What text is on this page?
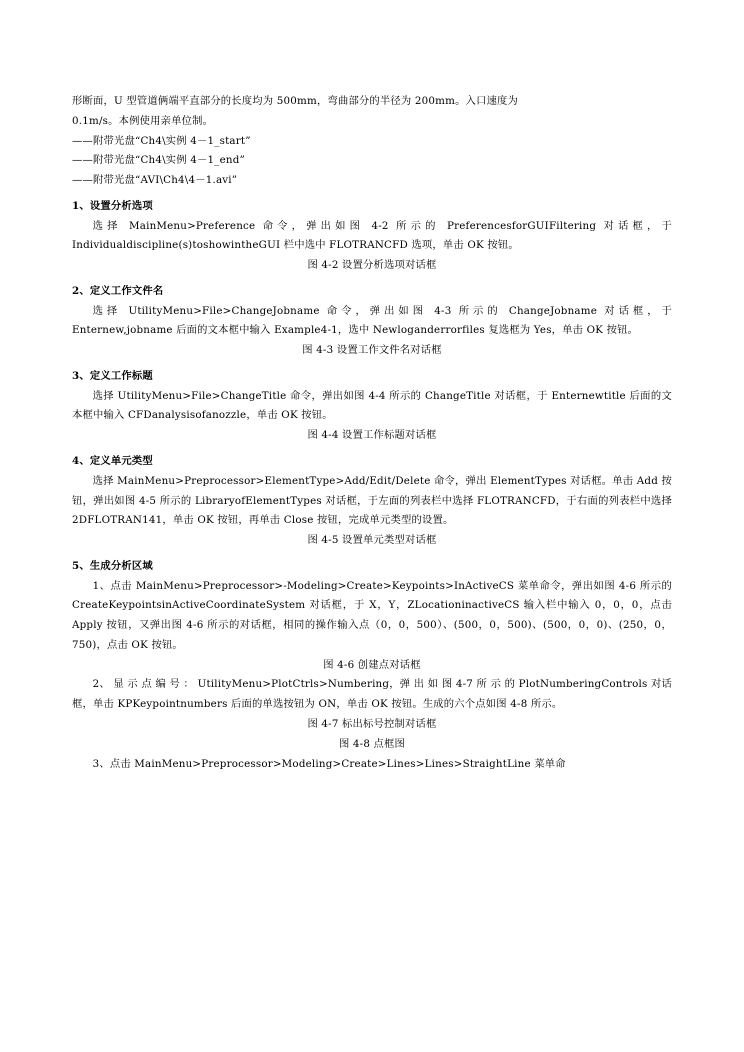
形断面，U 型管道俩端平直部分的长度均为 500mm，弯曲部分的半径为 200mm。入口速度为

0.1m/s。本例使用亲单位制。

——附带光盘“Ch4\实例 4－1_start”

——附带光盘“Ch4\实例 4－1_end”

——附带光盘“AVI\Ch4\4－1.avi”

1、设置分析选项

选择 MainMenu>Preference 命令，弹出如图 4-2 所示的 PreferencesforGUIFiltering 对话框，于 Individualdiscipline(s)toshowintheGUI 栏中选中 FLOTRANCFD 选项，单击 OK 按钮。

图 4-2 设置分析选项对话框

2、定义工作文件名

选择 UtilityMenu>File>ChangeJobname 命令，弹出如图 4-3 所示的 ChangeJobname 对话框，于 Enternew,jobname 后面的文本框中输入 Example4-1，选中 Newloganderrorfiles 复选框为 Yes，单击 OK 按钮。

图 4-3 设置工作文件名对话框

3、定义工作标题

选择 UtilityMenu>File>ChangeTitle 命令，弹出如图 4-4 所示的 ChangeTitle 对话框，于 Enternewtitle 后面的文本框中输入 CFDanalysisofanozzle，单击 OK 按钮。

图 4-4 设置工作标题对话框

4、定义单元类型

选择 MainMenu>Preprocessor>ElementType>Add/Edit/Delete 命令，弹出 ElementTypes 对话框。单击 Add 按钮，弹出如图 4-5 所示的 LibraryofElementTypes 对话框，于左面的列表栏中选择 FLOTRANCFD，于右面的列表栏中选择 2DFLOTRAN141，单击 OK 按钮，再单击 Close 按钮，完成单元类型的设置。

图 4-5 设置单元类型对话框

5、生成分析区域

1、点击 MainMenu>Preprocessor>-Modeling>Create>Keypoints>InActiveCS 菜单命令，弹出如图 4-6 所示的 CreateKeypointsinActiveCoordinateSystem 对话框，于 X，Y，ZLocationinactiveCS 输入栏中输入 0，0，0，点击 Apply 按钮，又弹出图 4-6 所示的对话框，相同的操作输入点（0，0，500）、(500，0，500)、(500，0，0)、(250，0，750)，点击 OK 按钮。

图 4-6 创建点对话框

2、 显 示 点 编 号 ： UtilityMenu>PlotCtrls>Numbering，弹 出 如 图 4-7 所 示 的 PlotNumberingControls 对话框，单击 KPKeypointnumbers 后面的单选按钮为 ON，单击 OK 按钮。生成的六个点如图 4-8 所示。

图 4-7 标出标号控制对话框

图 4-8 点框图

3、点击 MainMenu>Preprocessor>Modeling>Create>Lines>Lines>StraightLine 菜单命
